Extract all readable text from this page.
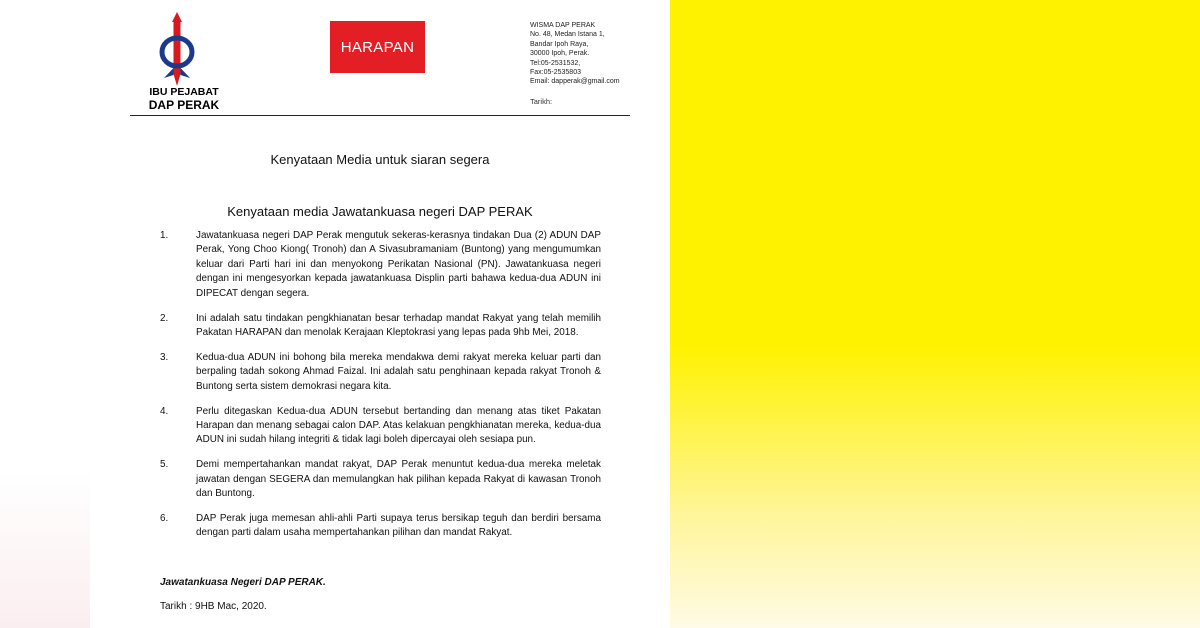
IBU PEJABAT
DAP PERAK
HARAPAN
WISMA DAP PERAK
No. 48, Medan Istana 1,
Bandar Ipoh Raya,
30000 Ipoh, Perak.
Tel:05-2531532,
Fax:05-2535803
Email: dapperak@gmail.com
Tarikh:
Kenyataan Media untuk siaran segera
Kenyataan media Jawatankuasa negeri DAP PERAK
1.	Jawatankuasa negeri DAP Perak mengutuk sekeras-kerasnya tindakan Dua (2) ADUN DAP Perak, Yong Choo Kiong( Tronoh) dan A Sivasubramaniam (Buntong) yang mengumumkan keluar dari Parti hari ini dan menyokong Perikatan Nasional (PN). Jawatankuasa negeri dengan ini mengesyorkan kepada jawatankuasa Displin parti bahawa kedua-dua ADUN ini DIPECAT dengan segera.
2.	Ini adalah satu tindakan pengkhianatan besar terhadap mandat Rakyat yang telah memilih Pakatan HARAPAN dan menolak Kerajaan Kleptokrasi yang lepas pada 9hb Mei, 2018.
3.	Kedua-dua ADUN ini bohong bila mereka mendakwa demi rakyat mereka keluar parti dan berpaling tadah sokong Ahmad Faizal. Ini adalah satu penghinaan kepada rakyat Tronoh & Buntong serta sistem demokrasi negara kita.
4.	Perlu ditegaskan Kedua-dua ADUN tersebut bertanding dan menang atas tiket Pakatan Harapan dan menang sebagai calon DAP. Atas kelakuan pengkhianatan mereka, kedua-dua ADUN ini sudah hilang integriti & tidak lagi boleh dipercayai oleh sesiapa pun.
5.	Demi mempertahankan mandat rakyat, DAP Perak menuntut kedua-dua mereka meletak jawatan dengan SEGERA dan memulangkan hak pilihan kepada Rakyat di kawasan Tronoh dan Buntong.
6.	DAP Perak juga memesan ahli-ahli Parti supaya terus bersikap teguh dan berdiri bersama dengan parti dalam usaha mempertahankan pilihan dan mandat Rakyat.
Jawatankuasa Negeri DAP PERAK.
Tarikh : 9HB Mac, 2020.
